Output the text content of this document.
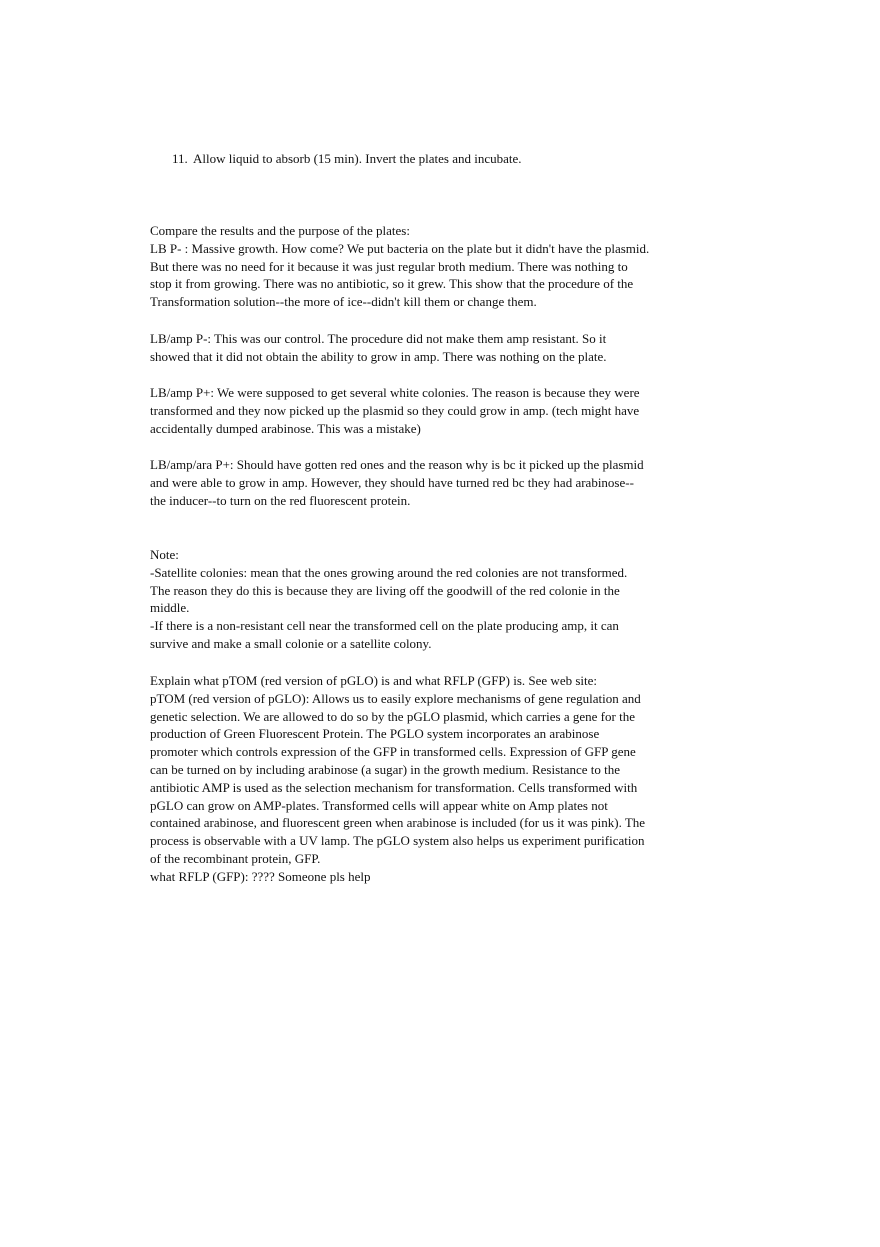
11. Allow liquid to absorb (15 min). Invert the plates and incubate.
Compare the results and the purpose of the plates:
LB P- : Massive growth. How come? We put bacteria on the plate but it didn't have the plasmid.
But there was no need for it because it was just regular broth medium. There was nothing to
stop it from growing. There was no antibiotic, so it grew. This show that the procedure of the
Transformation solution--the more of ice--didn't kill them or change them.
LB/amp P-: This was our control. The procedure did not make them amp resistant. So it
showed that it did not obtain the ability to grow in amp. There was nothing on the plate.
LB/amp P+: We were supposed to get several white colonies. The reason is because they were
transformed and they now picked up the plasmid so they could grow in amp. (tech might have
accidentally dumped arabinose. This was a mistake)
LB/amp/ara P+: Should have gotten red ones and the reason why is bc it picked up the plasmid
and were able to grow in amp. However, they should have turned red bc they had arabinose--
the inducer--to turn on the red fluorescent protein.
Note:
-Satellite colonies: mean that the ones growing around the red colonies are not transformed.
The reason they do this is because they are living off the goodwill of the red colonie in the
middle.
-If there is a non-resistant cell near the transformed cell on the plate producing amp, it can
survive and make a small colonie or a satellite colony.
Explain what pTOM (red version of pGLO) is and what RFLP (GFP) is. See web site:
pTOM (red version of pGLO): Allows us to easily explore mechanisms of gene regulation and
genetic selection. We are allowed to do so by the pGLO plasmid, which carries a gene for the
production of Green Fluorescent Protein. The PGLO system incorporates an arabinose
promoter which controls expression of the GFP in transformed cells. Expression of GFP gene
can be turned on by including arabinose (a sugar) in the growth medium. Resistance to the
antibiotic AMP is used as the selection mechanism for transformation. Cells transformed with
pGLO can grow on AMP-plates. Transformed cells will appear white on Amp plates not
contained arabinose, and fluorescent green when arabinose is included (for us it was pink). The
process is observable with a UV lamp. The pGLO system also helps us experiment purification
of the recombinant protein, GFP.
what RFLP (GFP): ???? Someone pls help
